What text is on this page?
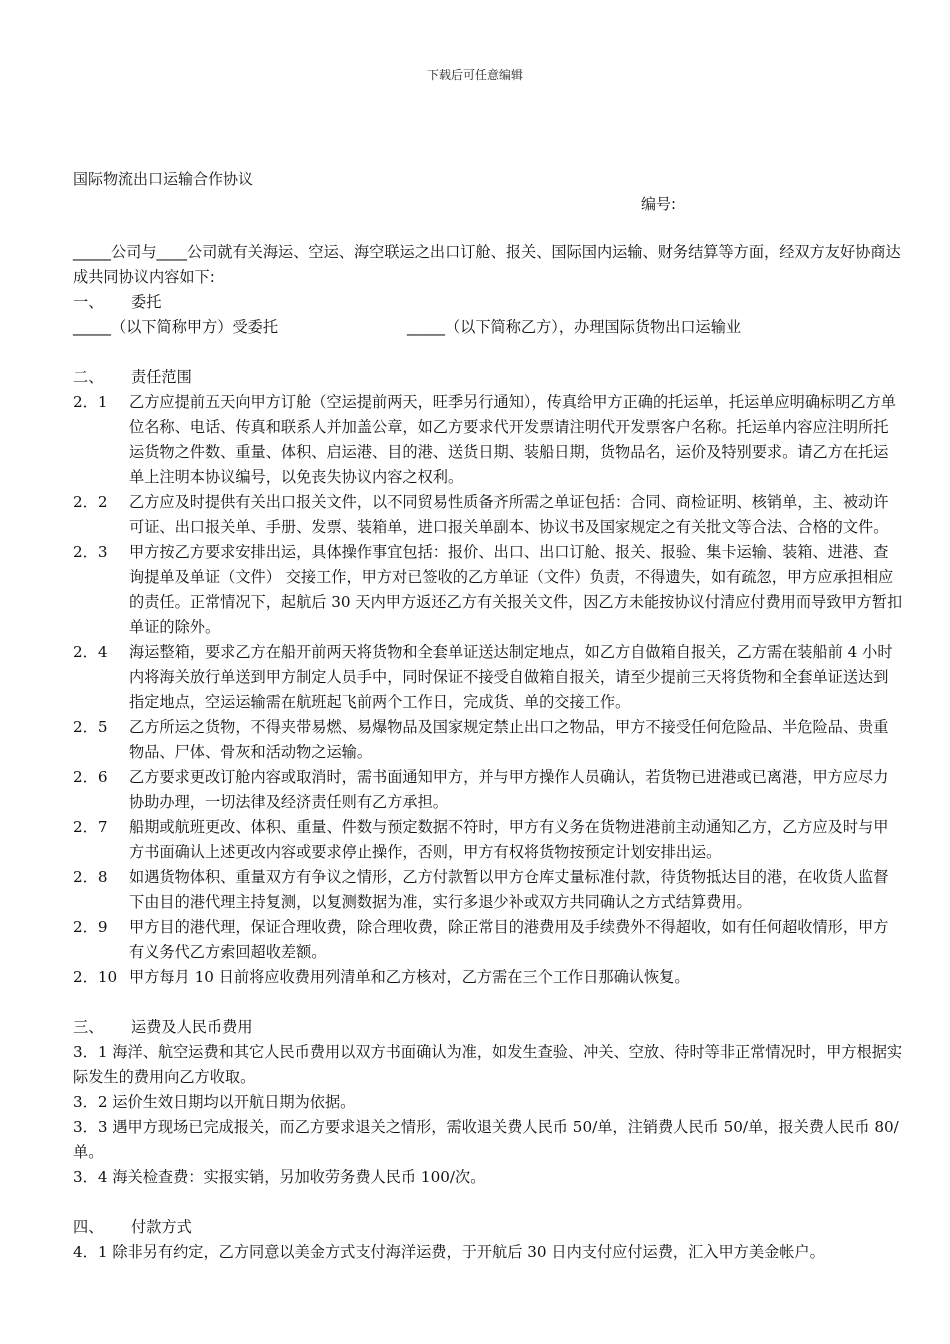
下载后可任意编辑
国际物流出口运输合作协议
编号:

_____公司与____公司就有关海运、空运、海空联运之出口订舱、报关、国际国内运输、财务结算等方面，经双方友好协商达成共同协议内容如下:

一、	委托
_____（以下简称甲方）受委托	_____（以下简称乙方），办理国际货物出口运输业
二、	责任范围
2．1	乙方应提前五天向甲方订舱（空运提前两天，旺季另行通知），传真给甲方正确的托运单，托运单应明确标明乙方单位名称、电话、传真和联系人并加盖公章，如乙方要求代开发票请注明代开发票客户名称。托运单内容应注明所托运货物之件数、重量、体积、启运港、目的港、送货日期、装船日期，货物品名，运价及特别要求。请乙方在托运单上注明本协议编号，以免丧失协议内容之权利。
2．2	乙方应及时提供有关出口报关文件，以不同贸易性质备齐所需之单证包括：合同、商检证明、核销单，主、被动许可证、出口报关单、手册、发票、装箱单，进口报关单副本、协议书及国家规定之有关批文等合法、合格的文件。
2．3	甲方按乙方要求安排出运，具体操作事宜包括：报价、出口、出口订舱、报关、报验、集卡运输、装箱、进港、查询提单及单证（文件） 交接工作，甲方对已签收的乙方单证（文件）负责，不得遗失，如有疏忽，甲方应承担相应的责任。正常情况下，起航后 30 天内甲方返还乙方有关报关文件，因乙方未能按协议付清应付费用而导致甲方暂扣单证的除外。
2．4	海运整箱，要求乙方在船开前两天将货物和全套单证送达制定地点，如乙方自做箱自报关，乙方需在装船前 4 小时内将海关放行单送到甲方制定人员手中，同时保证不接受自做箱自报关，请至少提前三天将货物和全套单证送达到指定地点，空运运输需在航班起飞前两个工作日，完成货、单的交接工作。
2．5	乙方所运之货物，不得夹带易燃、易爆物品及国家规定禁止出口之物品，甲方不接受任何危险品、半危险品、贵重物品、尸体、骨灰和活动物之运输。
2．6	乙方要求更改订舱内容或取消时，需书面通知甲方，并与甲方操作人员确认，若货物已进港或已离港，甲方应尽力协助办理，一切法律及经济责任则有乙方承担。
2．7	船期或航班更改、体积、重量、件数与预定数据不符时，甲方有义务在货物进港前主动通知乙方，乙方应及时与甲方书面确认上述更改内容或要求停止操作，否则，甲方有权将货物按预定计划安排出运。
2．8	如遇货物体积、重量双方有争议之情形，乙方付款暂以甲方仓库丈量标准付款，待货物抵达目的港，在收货人监督下由目的港代理主持复测，以复测数据为准，实行多退少补或双方共同确认之方式结算费用。
2．9	甲方目的港代理，保证合理收费，除合理收费，除正常目的港费用及手续费外不得超收，如有任何超收情形，甲方有义务代乙方索回超收差额。
2．10 甲方每月 10 日前将应收费用列清单和乙方核对，乙方需在三个工作日那确认恢复。
三、	运费及人民币费用

3．1 海洋、航空运费和其它人民币费用以双方书面确认为准，如发生查验、冲关、空放、待时等非正常情况时，甲方根据实际发生的费用向乙方收取。

3．2 运价生效日期均以开航日期为依据。

3．3 遇甲方现场已完成报关，而乙方要求退关之情形，需收退关费人民币 50/单，注销费人民币 50/单，报关费人民币 80/单。

3．4 海关检查费：实报实销，另加收劳务费人民币 100/次。

四、	付款方式

4．1 除非另有约定，乙方同意以美金方式支付海洋运费，于开航后 30 日内支付应付运费，汇入甲方美金帐户。
